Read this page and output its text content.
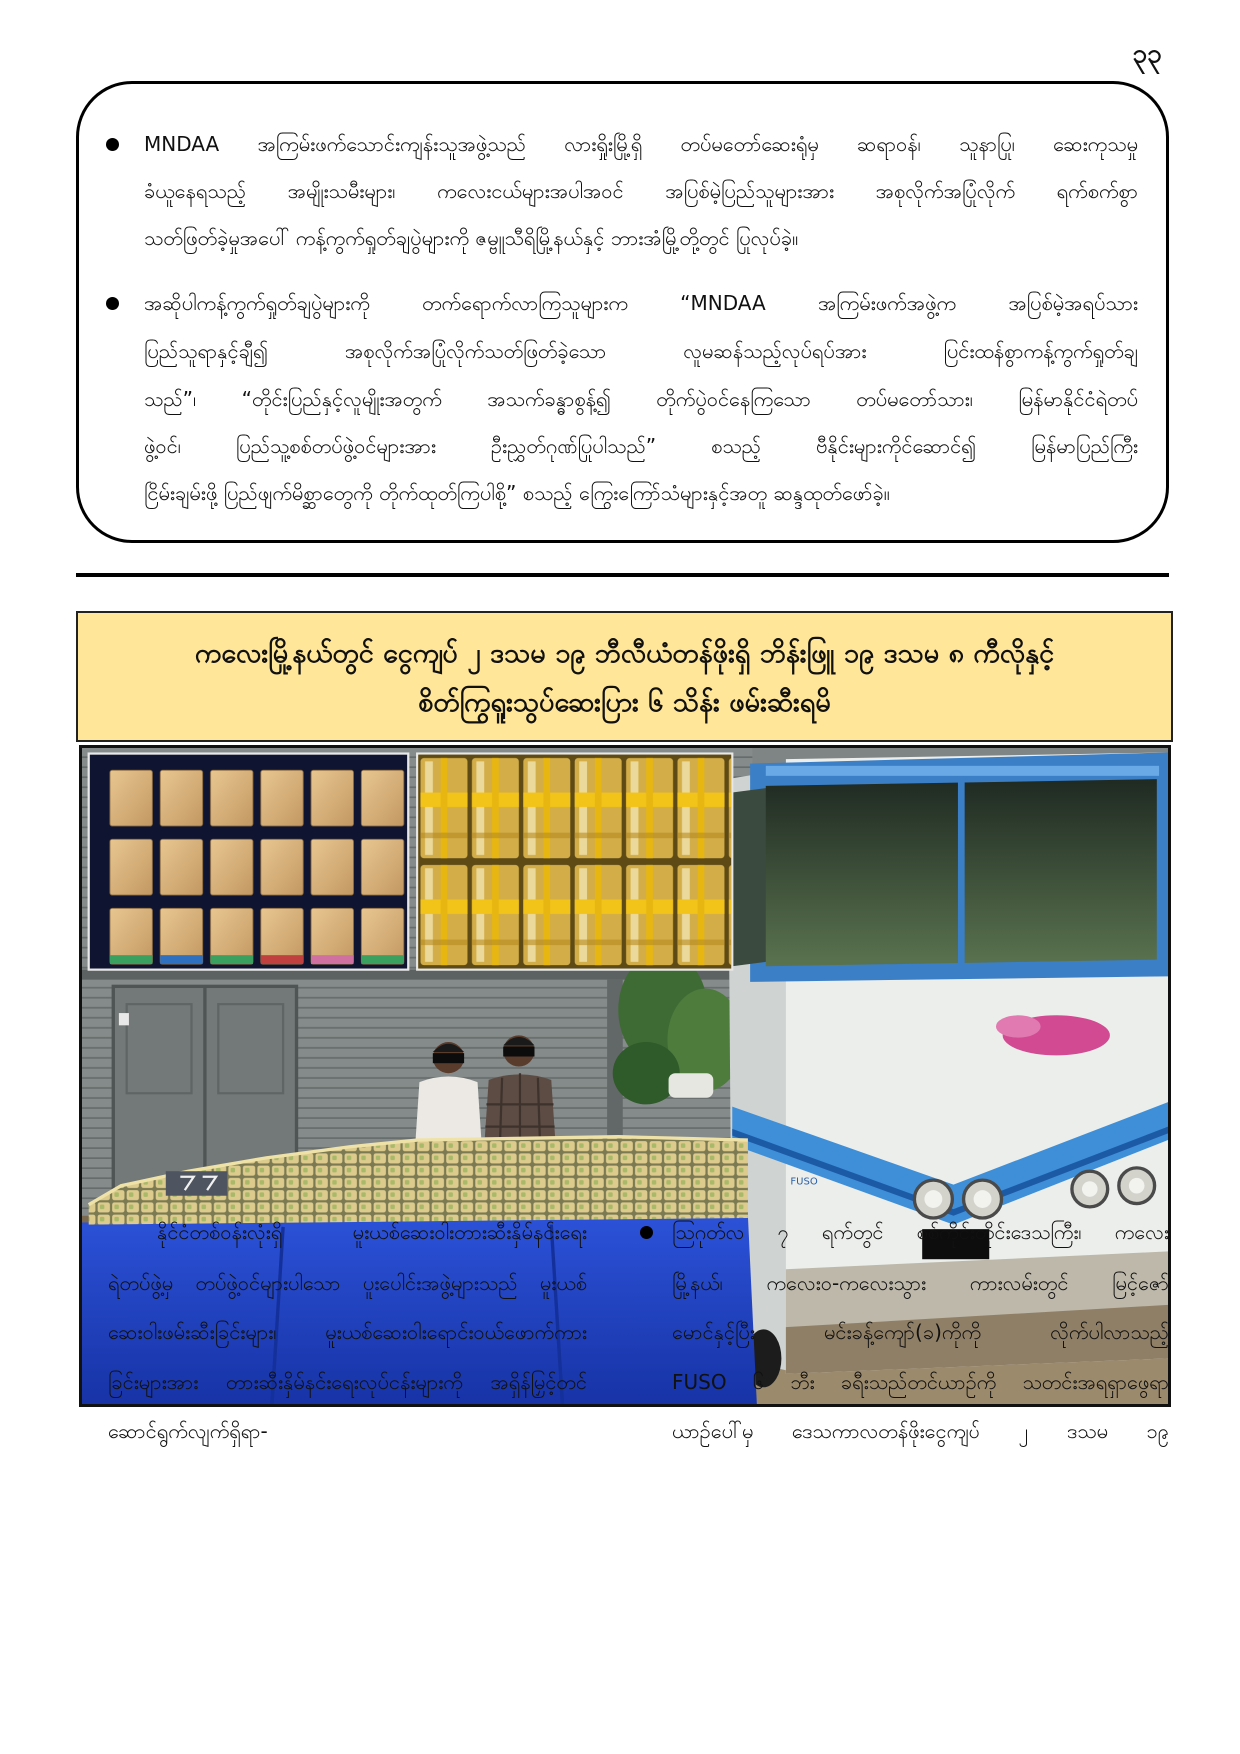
၃၃
MNDAA အကြမ်းဖက်သောင်းကျန်းသူအဖွဲ့သည် လားရှိုးမြို့ရှိ တပ်မတော်ဆေးရုံမှ ဆရာဝန်၊ သူနာပြု၊ ဆေးကုသမှု
ခံယူနေရသည့် အမျိုးသမီးများ၊ ကလေးငယ်များအပါအဝင် အပြစ်မဲ့ပြည်သူများအား အစုလိုက်အပြုံလိုက် ရက်စက်စွာ
သတ်ဖြတ်ခဲ့မှုအပေါ် ကန့်ကွက်ရှုတ်ချပွဲများကို ဇမ္ဗူသီရိမြို့နယ်နှင့် ဘားအံမြို့တို့တွင် ပြုလုပ်ခဲ့။
အဆိုပါကန့်ကွက်ရှုတ်ချပွဲများကို တက်ရောက်လာကြသူများက “MNDAA အကြမ်းဖက်အဖွဲ့က အပြစ်မဲ့အရပ်သား
ပြည်သူရာနှင့်ချီ၍ အစုလိုက်အပြုံလိုက်သတ်ဖြတ်ခဲ့သော လူမဆန်သည့်လုပ်ရပ်အား ပြင်းထန်စွာကန့်ကွက်ရှုတ်ချ
သည်”၊ “တိုင်းပြည်နှင့်လူမျိုးအတွက် အသက်ခန္ဓာစွန့်၍ တိုက်ပွဲဝင်နေကြသော တပ်မတော်သား၊ မြန်မာနိုင်ငံရဲတပ်
ဖွဲ့ဝင်၊ ပြည်သူ့စစ်တပ်ဖွဲ့ဝင်များအား ဦးညွှတ်ဂုဏ်ပြုပါသည်” စသည့် ဗီနိုင်းများကိုင်ဆောင်၍ မြန်မာပြည်ကြီး
ငြိမ်းချမ်းဖို့ ပြည်ဖျက်မိစ္ဆာတွေကို တိုက်ထုတ်ကြပါစို့” စသည့် ကြွေးကြော်သံများနှင့်အတူ ဆန္ဒထုတ်ဖော်ခဲ့။
ကလေးမြို့နယ်တွင် ငွေကျပ် ၂ ဒသမ ၁၉ ဘီလီယံတန်ဖိုးရှိ ဘိန်းဖြူ ၁၉ ဒသမ ၈ ကီလိုနှင့်
စိတ်ကြွရူးသွပ်ဆေးပြား ၆ သိန်း ဖမ်းဆီးရမိ
FUSO
နိုင်ငံတစ်ဝန်းလုံးရှိ မူးယစ်ဆေးဝါးတားဆီးနှိမ်နင်းရေး
ရဲတပ်ဖွဲ့မှ တပ်ဖွဲ့ဝင်များပါသော ပူးပေါင်းအဖွဲ့များသည် မူးယစ်
ဆေးဝါးဖမ်းဆီးခြင်းများ၊ မူးယစ်ဆေးဝါးရောင်းဝယ်ဖောက်ကား
ခြင်းများအား တားဆီးနှိမ်နင်းရေးလုပ်ငန်းများကို အရှိန်မြှင့်တင်
ဆောင်ရွက်လျက်ရှိရာ-
ဩဂုတ်လ ၇ ရက်တွင် စစ်ကိုင်းတိုင်းဒေသကြီး၊ ကလေး
မြို့နယ်၊ ကလေးဝ-ကလေးသွား ကားလမ်းတွင် မြင့်ဇော်
မောင်နှင့်ပြီး မင်းခန့်ကျော်(ခ)ကိုကို လိုက်ပါလာသည့်
FUSO ၆ ဘီး ခရီးသည်တင်ယာဉ်ကို သတင်းအရရှာဖွေရာ
ယာဉ်ပေါ်မှ ဒေသကာလတန်ဖိုးငွေကျပ် ၂ ဒသမ ၁၉
